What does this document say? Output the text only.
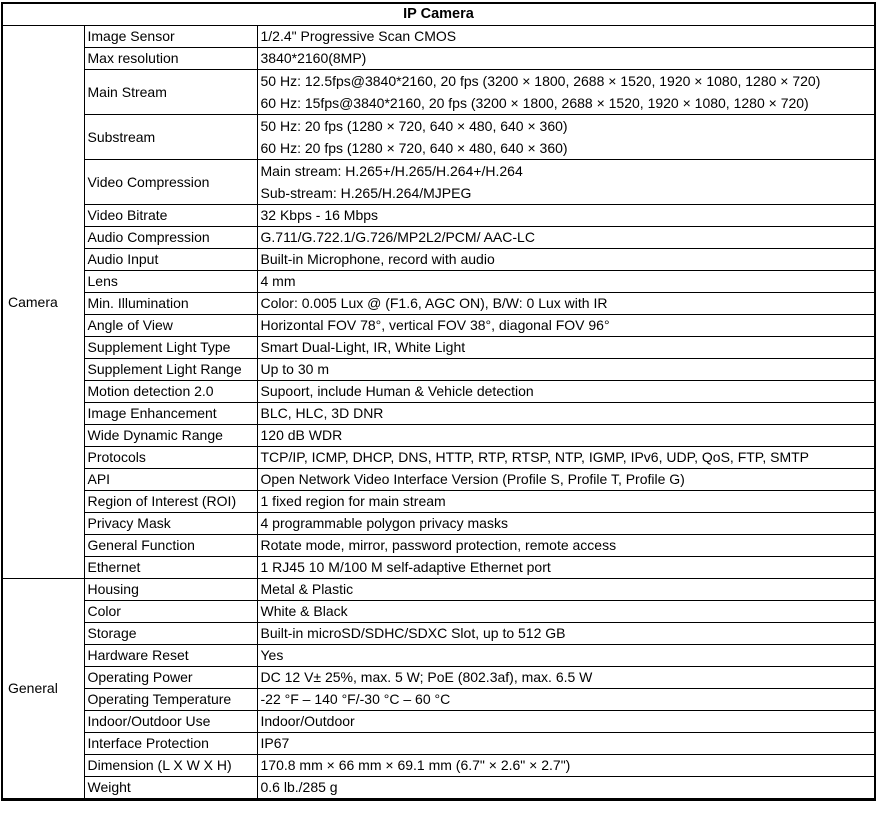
IP Camera		
Camera	Image Sensor	1/2.4" Progressive Scan CMOS
	Max resolution	3840*2160(8MP)
	Main Stream	50 Hz: 12.5fps@3840*2160, 20 fps (3200 × 1800, 2688 × 1520, 1920 × 1080, 1280 × 720)
60 Hz: 15fps@3840*2160, 20 fps (3200 × 1800, 2688 × 1520, 1920 × 1080, 1280 × 720)

	Substream	50 Hz: 20 fps (1280 × 720, 640 × 480, 640 × 360)
60 Hz: 20 fps (1280 × 720, 640 × 480, 640 × 360)

	Video Compression	Main stream: H.265+/H.265/H.264+/H.264
Sub-stream: H.265/H.264/MJPEG

	Video Bitrate	32 Kbps - 16 Mbps
	Audio Compression	G.711/G.722.1/G.726/MP2L2/PCM/ AAC-LC
	Audio Input	Built-in Microphone, record with audio
	Lens	4 mm
	Min. Illumination	Color: 0.005 Lux @ (F1.6, AGC ON), B/W: 0 Lux with IR
	Angle of View	Horizontal FOV 78°, vertical FOV 38°, diagonal FOV 96°
	Supplement Light Type	Smart Dual-Light, IR, White Light
	Supplement Light Range	Up to 30 m
	Motion detection 2.0	Supoort, include Human & Vehicle detection
	Image Enhancement	BLC, HLC, 3D DNR
	Wide Dynamic Range	120 dB WDR
	Protocols	TCP/IP, ICMP, DHCP, DNS, HTTP, RTP, RTSP, NTP, IGMP, IPv6, UDP, QoS, FTP, SMTP
	API	Open Network Video Interface Version (Profile S, Profile T, Profile G)
	Region of Interest (ROI)	1 fixed region for main stream
	Privacy Mask	4 programmable polygon privacy masks
	General Function	Rotate mode, mirror, password protection, remote access
	Ethernet	1 RJ45 10 M/100 M self-adaptive Ethernet port
General	Housing	Metal & Plastic
	Color	White & Black
	Storage	Built-in microSD/SDHC/SDXC Slot, up to 512 GB
	Hardware Reset	Yes
	Operating Power	DC 12 V± 25%, max. 5 W; PoE (802.3af), max. 6.5 W
	Operating Temperature	-22 °F – 140 °F/-30 °C – 60 °C
	Indoor/Outdoor Use	Indoor/Outdoor
	Interface Protection	IP67
	Dimension (L X W X H)	170.8 mm × 66 mm × 69.1 mm (6.7" × 2.6" × 2.7")
	Weight	0.6 lb./285 g
